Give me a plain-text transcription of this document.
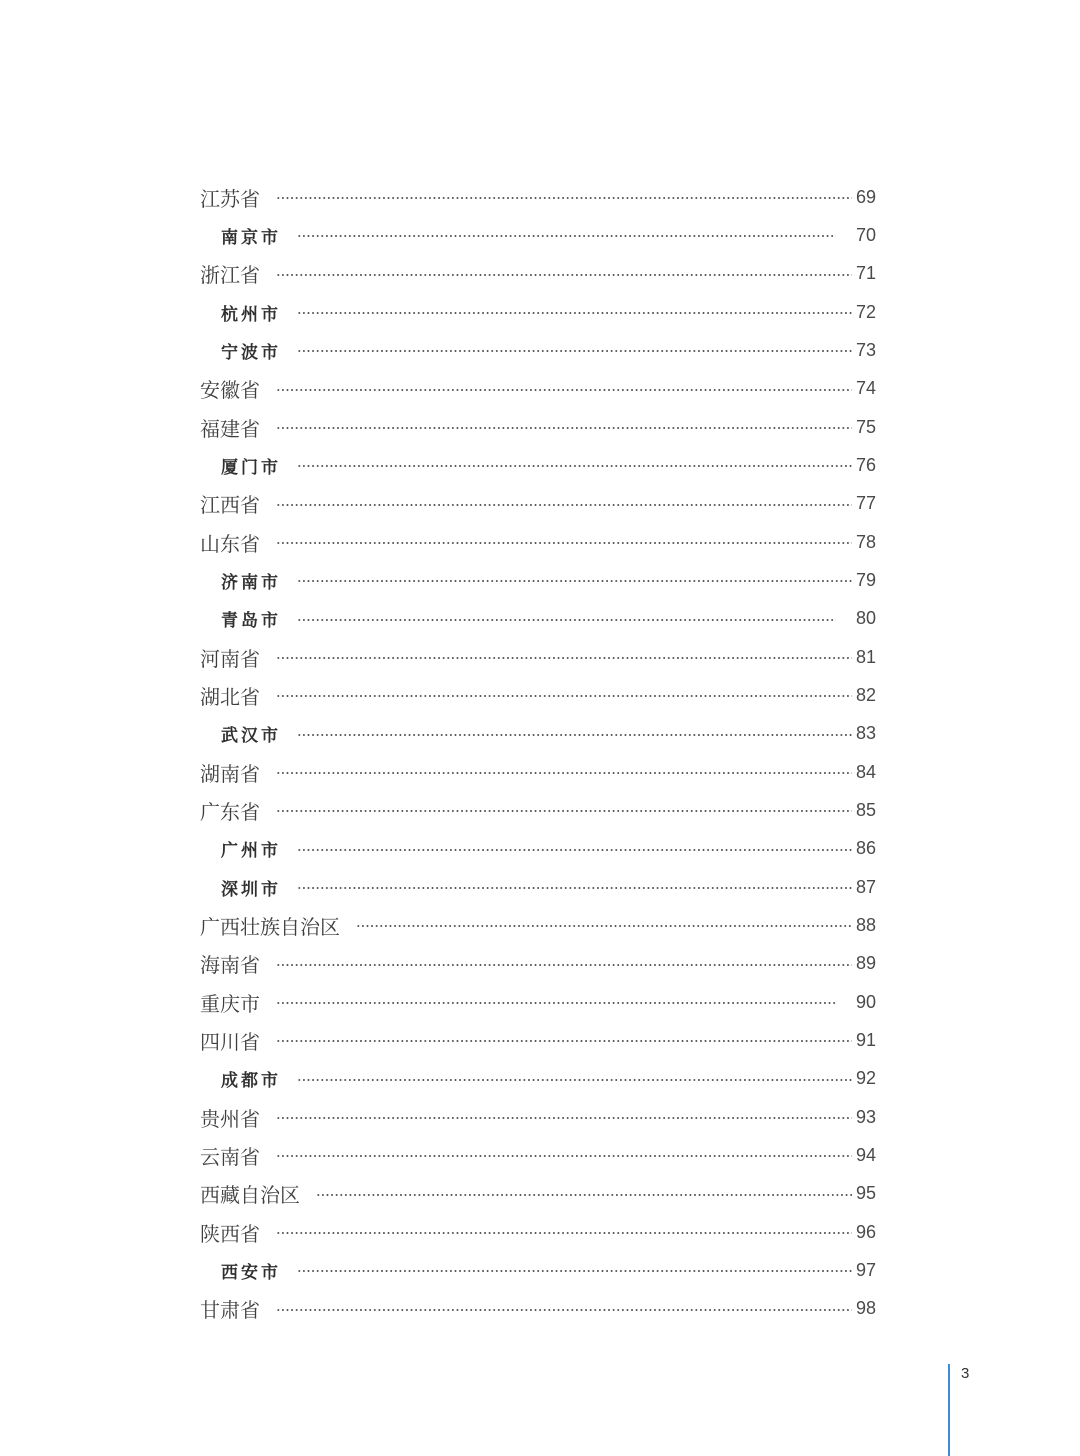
江苏省	69
南京市	70
浙江省	71
杭州市	72
宁波市	73
安徽省	74
福建省	75
厦门市	76
江西省	77
山东省	78
济南市	79
青岛市	80
河南省	81
湖北省	82
武汉市	83
湖南省	84
广东省	85
广州市	86
深圳市	87
广西壮族自治区	88
海南省	89
重庆市	90
四川省	91
成都市	92
贵州省	93
云南省	94
西藏自治区	95
陕西省	96
西安市	97
甘肃省	98
3
